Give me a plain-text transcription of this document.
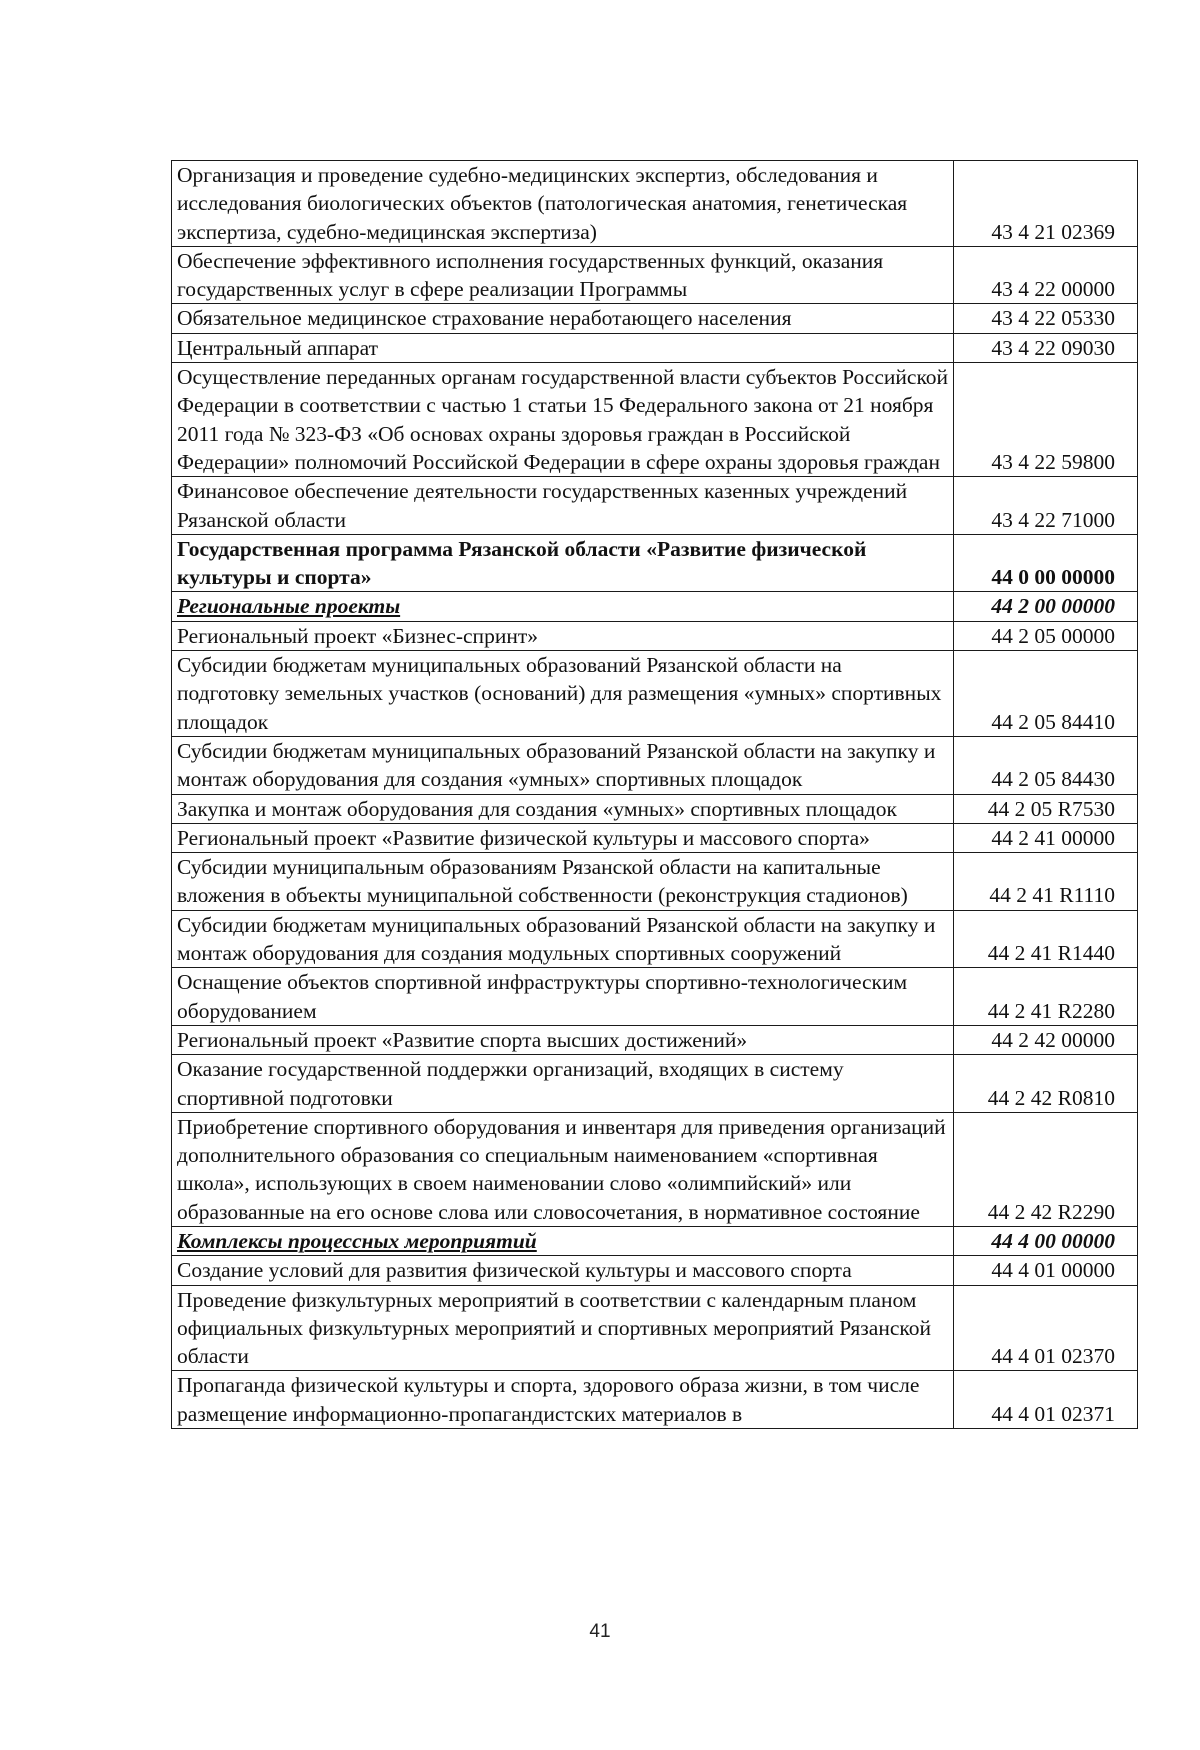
Организация и проведение судебно-медицинских экспертиз, обследования и исследования биологических объектов (патологическая анатомия, генетическая экспертиза, судебно-медицинская экспертиза)	43 4 21 02369
Обеспечение эффективного исполнения государственных функций, оказания государственных услуг в сфере реализации Программы	43 4 22 00000
Обязательное медицинское страхование неработающего населения	43 4 22 05330
Центральный аппарат	43 4 22 09030
Осуществление переданных органам государственной власти субъектов Российской Федерации в соответствии с частью 1 статьи 15 Федерального закона от 21 ноября 2011 года № 323-ФЗ «Об основах охраны здоровья граждан в Российской Федерации» полномочий Российской Федерации в сфере охраны здоровья граждан	43 4 22 59800
Финансовое обеспечение деятельности государственных казенных учреждений Рязанской области	43 4 22 71000
Государственная программа Рязанской области «Развитие физической культуры и спорта»	44 0 00 00000
Региональные проекты	44 2 00 00000
Региональный проект «Бизнес-спринт»	44 2 05 00000
Субсидии бюджетам муниципальных образований Рязанской области на подготовку земельных участков (оснований) для размещения «умных» спортивных площадок	44 2 05 84410
Субсидии бюджетам муниципальных образований Рязанской области на закупку и монтаж оборудования для создания «умных» спортивных площадок	44 2 05 84430
Закупка и монтаж оборудования для создания «умных» спортивных площадок	44 2 05 R7530
Региональный проект «Развитие физической культуры и массового спорта»	44 2 41 00000
Субсидии муниципальным образованиям Рязанской области на капитальные вложения в объекты муниципальной собственности (реконструкция стадионов)	44 2 41 R1110
Субсидии бюджетам муниципальных образований Рязанской области на закупку и монтаж оборудования для создания модульных спортивных сооружений	44 2 41 R1440
Оснащение объектов спортивной инфраструктуры спортивно-технологическим оборудованием	44 2 41 R2280
Региональный проект «Развитие спорта высших достижений»	44 2 42 00000
Оказание государственной поддержки организаций, входящих в систему спортивной подготовки	44 2 42 R0810
Приобретение спортивного оборудования и инвентаря для приведения организаций дополнительного образования со специальным наименованием «спортивная школа», использующих в своем наименовании слово «олимпийский» или образованные на его основе слова или словосочетания, в нормативное состояние	44 2 42 R2290
Комплексы процессных мероприятий	44 4 00 00000
Создание условий для развития физической культуры и массового спорта	44 4 01 00000
Проведение физкультурных мероприятий в соответствии с календарным планом официальных физкультурных мероприятий и спортивных мероприятий Рязанской области	44 4 01 02370
Пропаганда физической культуры и спорта, здорового образа жизни, в том числе размещение информационно-пропагандистских материалов в	44 4 01 02371
41
